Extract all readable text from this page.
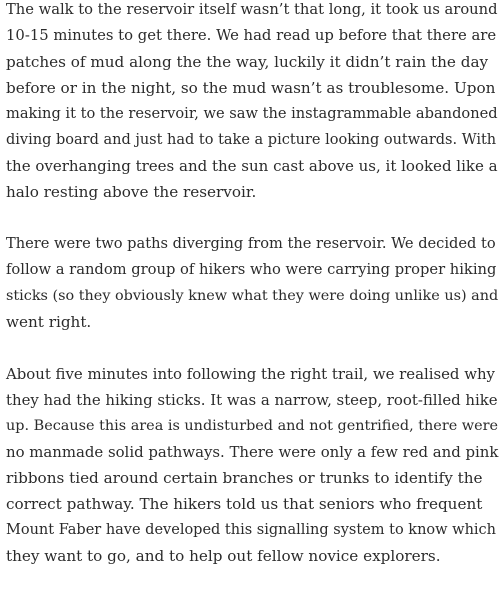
The walk to the reservoir itself wasn’t that long, it took us around
10-15 minutes to get there. We had read up before that there are
patches of mud along the the way, luckily it didn’t rain the day
before or in the night, so the mud wasn’t as troublesome. Upon
making it to the reservoir, we saw the instagrammable abandoned
diving board and just had to take a picture looking outwards. With
the overhanging trees and the sun cast above us, it looked like a
halo resting above the reservoir.

There were two paths diverging from the reservoir. We decided to
follow a random group of hikers who were carrying proper hiking
sticks (so they obviously knew what they were doing unlike us) and
went right.

About five minutes into following the right trail, we realised why
they had the hiking sticks. It was a narrow, steep, root-filled hike
up. Because this area is undisturbed and not gentrified, there were
no manmade solid pathways. There were only a few red and pink
ribbons tied around certain branches or trunks to identify the
correct pathway. The hikers told us that seniors who frequent
Mount Faber have developed this signalling system to know which
they want to go, and to help out fellow novice explorers.
